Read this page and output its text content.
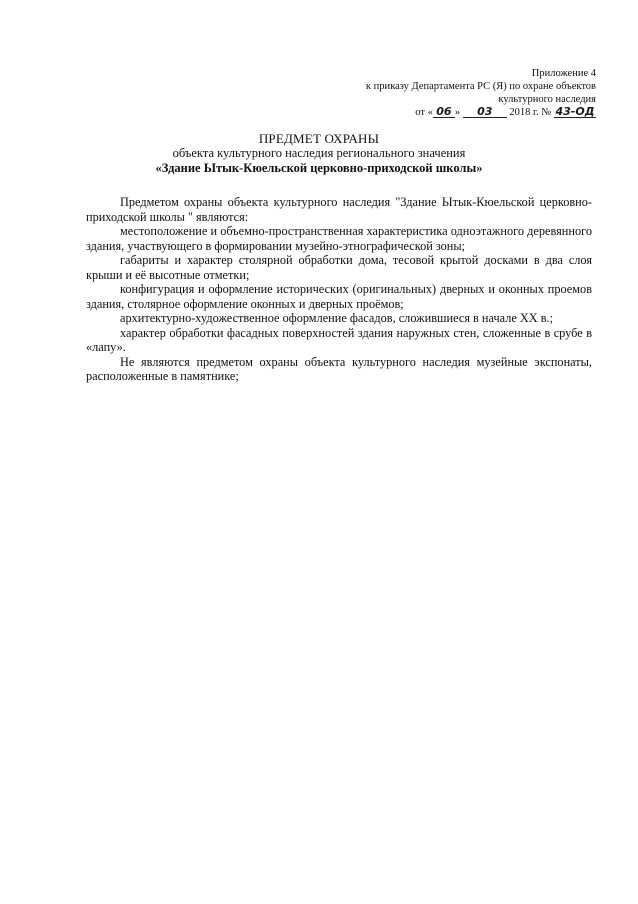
Приложение 4
к приказу Департамента РС (Я) по охране объектов
культурного наследия
от « 06 » 03 2018 г. № 43-ОД
ПРЕДМЕТ ОХРАНЫ
объекта культурного наследия регионального значения
«Здание Ытык-Кюельской церковно-приходской школы»

Предметом охраны объекта культурного наследия "Здание Ытык-Кюельской церковно-приходской школы " являются:

местоположение и объемно-пространственная характеристика одноэтажного деревянного здания, участвующего в формировании музейно-этнографической зоны;

габариты и характер столярной обработки дома, тесовой крытой досками в два слоя крыши и её высотные отметки;

конфигурация и оформление исторических (оригинальных) дверных и оконных проемов здания, столярное оформление оконных и дверных проёмов;

архитектурно-художественное оформление фасадов, сложившиеся в начале XX в.;

характер обработки фасадных поверхностей здания наружных стен, сложенные в срубе в «лапу».

Не являются предметом охраны объекта культурного наследия музейные экспонаты, расположенные в памятнике;
